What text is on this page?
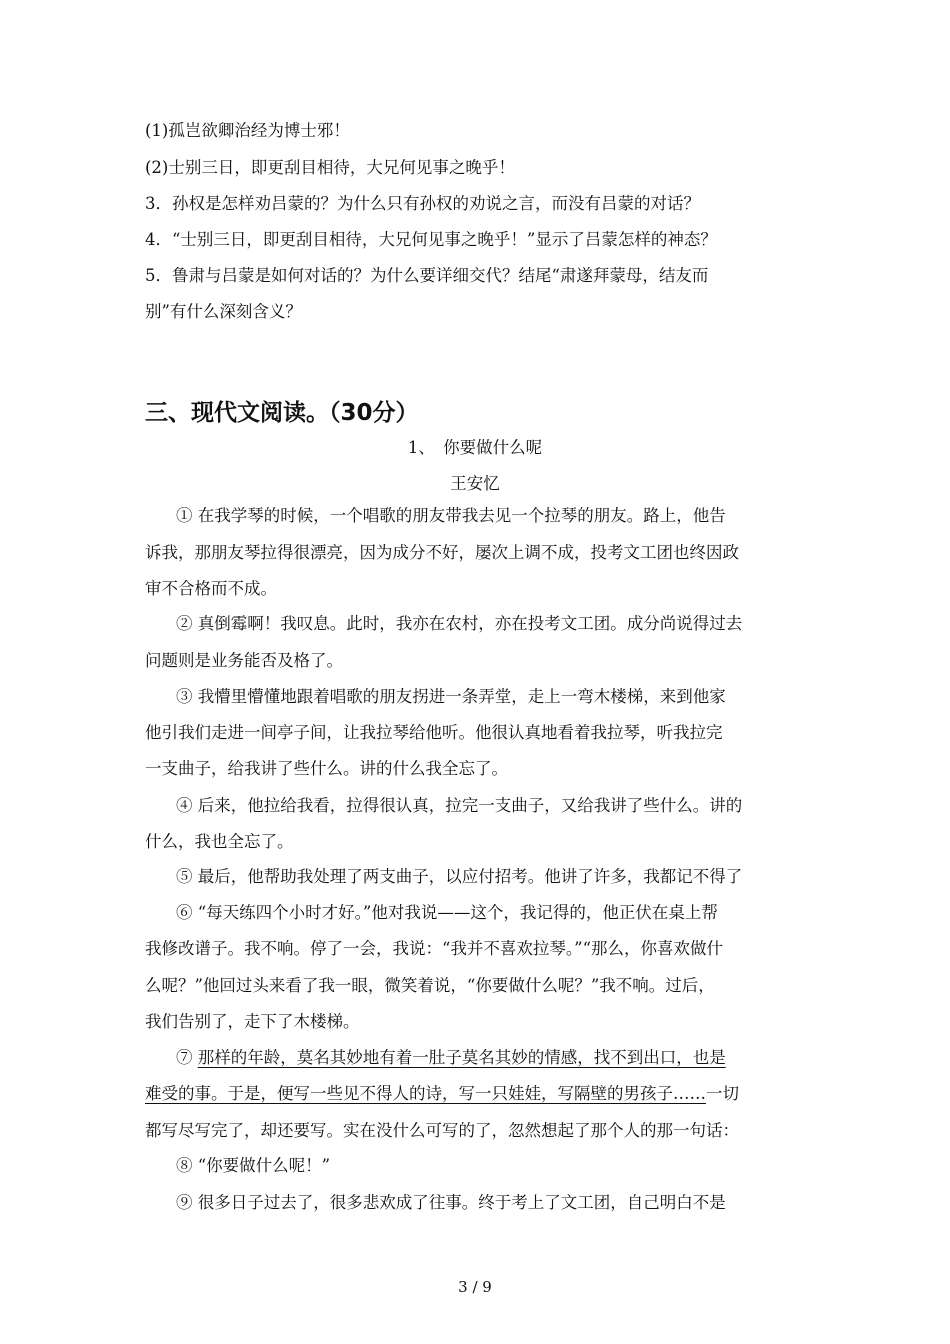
(1)孤岂欲卿治经为博士邪！
(2)士别三日，即更刮目相待，大兄何见事之晚乎！
3．孙权是怎样劝吕蒙的？为什么只有孙权的劝说之言，而没有吕蒙的对话？
4．“士别三日，即更刮目相待，大兄何见事之晚乎！”显示了吕蒙怎样的神态？
5．鲁肃与吕蒙是如何对话的？为什么要详细交代？结尾“肃遂拜蒙母，结友而
别”有什么深刻含义？
三、现代文阅读。（30分）
1、　你要做什么呢
王安忆
① 在我学琴的时候，一个唱歌的朋友带我去见一个拉琴的朋友。路上，他告
诉我，那朋友琴拉得很漂亮，因为成分不好，屡次上调不成，投考文工团也终因政
审不合格而不成。
② 真倒霉啊！我叹息。此时，我亦在农村，亦在投考文工团。成分尚说得过去
问题则是业务能否及格了。
③ 我懵里懵懂地跟着唱歌的朋友拐进一条弄堂，走上一弯木楼梯，来到他家
他引我们走进一间亭子间，让我拉琴给他听。他很认真地看着我拉琴，听我拉完
一支曲子，给我讲了些什么。讲的什么我全忘了。
④ 后来，他拉给我看，拉得很认真，拉完一支曲子，又给我讲了些什么。讲的
什么，我也全忘了。
⑤ 最后，他帮助我处理了两支曲子，以应付招考。他讲了许多，我都记不得了
⑥ “每天练四个小时才好。”他对我说——这个，我记得的，他正伏在桌上帮
我修改谱子。我不响。停了一会，我说：“我并不喜欢拉琴。”“那么，你喜欢做什
么呢？”他回过头来看了我一眼，微笑着说，“你要做什么呢？”我不响。过后，
我们告别了，走下了木楼梯。
⑦ 那样的年龄，莫名其妙地有着一肚子莫名其妙的情感，找不到出口，也是
难受的事。于是，便写一些见不得人的诗，写一只娃娃，写隔壁的男孩子……一切
都写尽写完了，却还要写。实在没什么可写的了，忽然想起了那个人的那一句话：
⑧ “你要做什么呢！”
⑨ 很多日子过去了，很多悲欢成了往事。终于考上了文工团，自己明白不是
3 / 9
